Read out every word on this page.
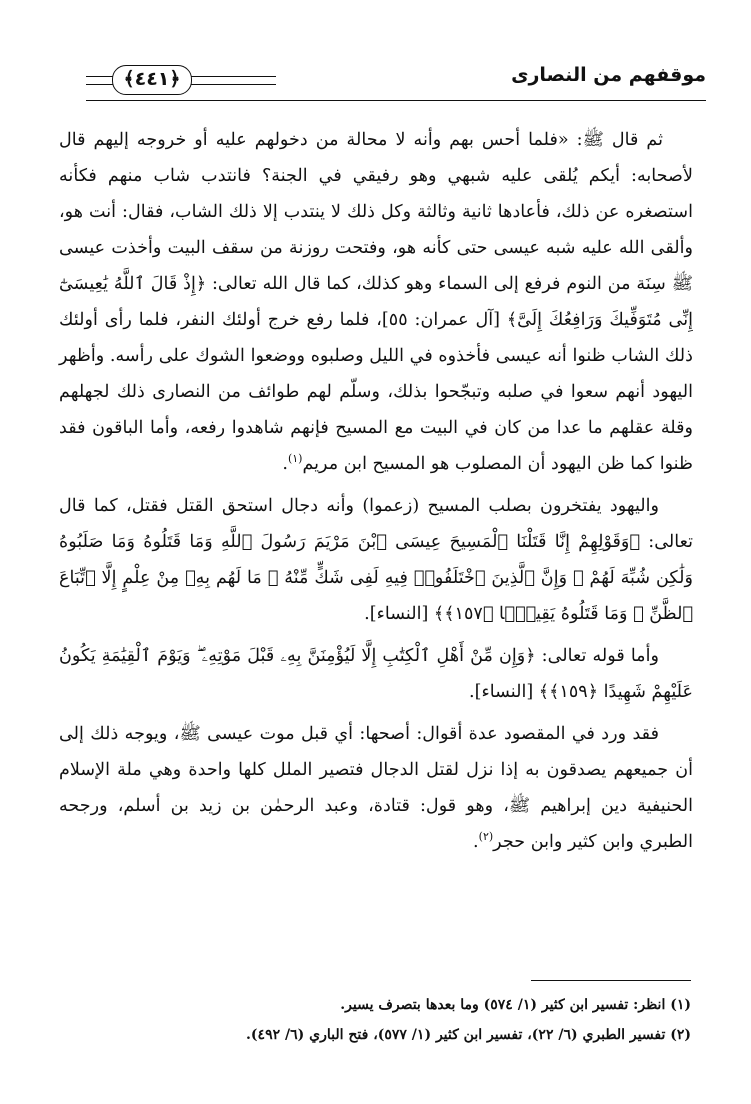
موقفهم من النصارى
﴿٤٤١﴾

ثم قال ﷺ: «فلما أحس بهم وأنه لا محالة من دخولهم عليه أو خروجه إليهم قال لأصحابه: أيكم يُلقى عليه شبهي وهو رفيقي في الجنة؟ فانتدب شاب منهم فكأنه استصغره عن ذلك، فأعادها ثانية وثالثة وكل ذلك لا ينتدب إلا ذلك الشاب، فقال: أنت هو، وألقى الله عليه شبه عيسى حتى كأنه هو، وفتحت روزنة من سقف البيت وأخذت عيسى ﷺ سِنَة من النوم فرفع إلى السماء وهو كذلك، كما قال الله تعالى: ﴿إِذْ قَالَ ٱللَّهُ يَٰعِيسَىٰٓ إِنِّى مُتَوَفِّيكَ وَرَافِعُكَ إِلَىَّ﴾ [آل عمران: ٥٥]، فلما رفع خرج أولئك النفر، فلما رأى أولئك ذلك الشاب ظنوا أنه عيسى فأخذوه في الليل وصلبوه ووضعوا الشوك على رأسه. وأظهر اليهود أنهم سعوا في صلبه وتبجّحوا بذلك، وسلّم لهم طوائف من النصارى ذلك لجهلهم وقلة عقلهم ما عدا من كان في البيت مع المسيح فإنهم شاهدوا رفعه، وأما الباقون فقد ظنوا كما ظن اليهود أن المصلوب هو المسيح ابن مريم$^{(١)}$.

واليهود يفتخرون بصلب المسيح (زعموا) وأنه دجال استحق القتل فقتل، كما قال تعالى: ﴿وَقَوْلِهِمْ إِنَّا قَتَلْنَا ٱلْمَسِيحَ عِيسَى ٱبْنَ مَرْيَمَ رَسُولَ ٱللَّهِ وَمَا قَتَلُوهُ وَمَا صَلَبُوهُ وَلَٰكِن شُبِّهَ لَهُمْ ۚ وَإِنَّ ٱلَّذِينَ ٱخْتَلَفُوا۟ فِيهِ لَفِى شَكٍّ مِّنْهُ ۚ مَا لَهُم بِهِۦ مِنْ عِلْمٍ إِلَّا ٱتِّبَاعَ ٱلظَّنِّ ۚ وَمَا قَتَلُوهُ يَقِينًۢا ﴿١٥٧﴾﴾ [النساء].

وأما قوله تعالى: ﴿وَإِن مِّنْ أَهْلِ ٱلْكِتَٰبِ إِلَّا لَيُؤْمِنَنَّ بِهِۦ قَبْلَ مَوْتِهِۦ ۖ وَيَوْمَ ٱلْقِيَٰمَةِ يَكُونُ عَلَيْهِمْ شَهِيدًا ﴿١٥٩﴾﴾ [النساء].

فقد ورد في المقصود عدة أقوال: أصحها: أي قبل موت عيسى ﷺ، ويوجه ذلك إلى أن جميعهم يصدقون به إذا نزل لقتل الدجال فتصير الملل كلها واحدة وهي ملة الإسلام الحنيفية دين إبراهيم ﷺ، وهو قول: قتادة، وعبد الرحمٰن بن زيد بن أسلم، ورجحه الطبري وابن كثير وابن حجر$^{(٢)}$.

(١) انظر: تفسير ابن كثير (١/ ٥٧٤) وما بعدها بتصرف يسير.

(٢) تفسير الطبري (٦/ ٢٢)، تفسير ابن كثير (١/ ٥٧٧)، فتح الباري (٦/ ٤٩٢).
